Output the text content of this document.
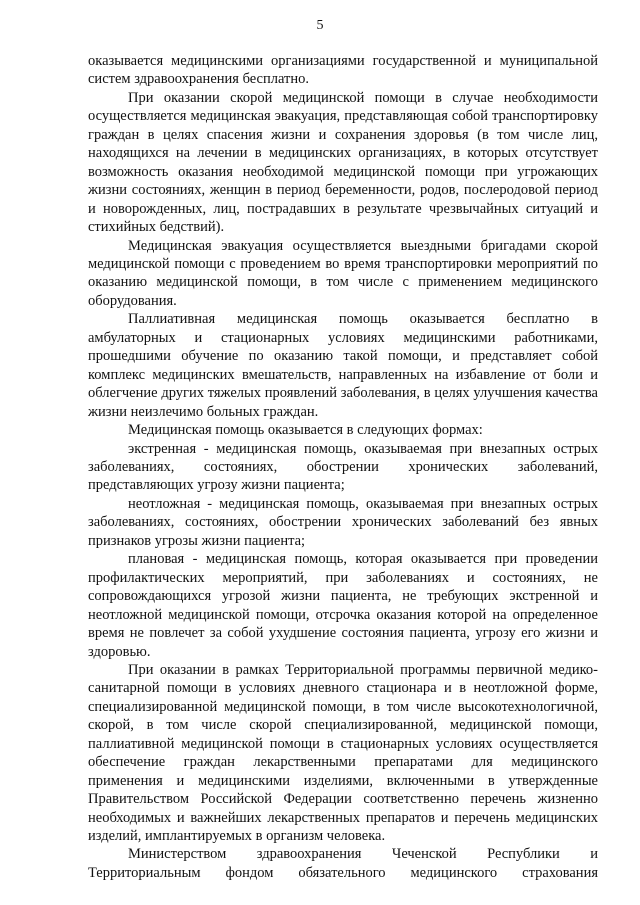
5

оказывается медицинскими организациями государственной и муниципальной систем здравоохранения бесплатно.

При оказании скорой медицинской помощи в случае необходимости осуществляется медицинская эвакуация, представляющая собой транспортировку граждан в целях спасения жизни и сохранения здоровья (в том числе лиц, находящихся на лечении в медицинских организациях, в которых отсутствует возможность оказания необходимой медицинской помощи при угрожающих жизни состояниях, женщин в период беременности, родов, послеродовой период и новорожденных, лиц, пострадавших в результате чрезвычайных ситуаций и стихийных бедствий).

Медицинская эвакуация осуществляется выездными бригадами скорой медицинской помощи с проведением во время транспортировки мероприятий по оказанию медицинской помощи, в том числе с применением медицинского оборудования.

Паллиативная медицинская помощь оказывается бесплатно в амбулаторных и стационарных условиях медицинскими работниками, прошедшими обучение по оказанию такой помощи, и представляет собой комплекс медицинских вмешательств, направленных на избавление от боли и облегчение других тяжелых проявлений заболевания, в целях улучшения качества жизни неизлечимо больных граждан.

Медицинская помощь оказывается в следующих формах:

экстренная - медицинская помощь, оказываемая при внезапных острых заболеваниях, состояниях, обострении хронических заболеваний, представляющих угрозу жизни пациента;

неотложная - медицинская помощь, оказываемая при внезапных острых заболеваниях, состояниях, обострении хронических заболеваний без явных признаков угрозы жизни пациента;

плановая - медицинская помощь, которая оказывается при проведении профилактических мероприятий, при заболеваниях и состояниях, не сопровождающихся угрозой жизни пациента, не требующих экстренной и неотложной медицинской помощи, отсрочка оказания которой на определенное время не повлечет за собой ухудшение состояния пациента, угрозу его жизни и здоровью.

При оказании в рамках Территориальной программы первичной медико-санитарной помощи в условиях дневного стационара и в неотложной форме, специализированной медицинской помощи, в том числе высокотехнологичной, скорой, в том числе скорой специализированной, медицинской помощи, паллиативной медицинской помощи в стационарных условиях осуществляется обеспечение граждан лекарственными препаратами для медицинского применения и медицинскими изделиями, включенными в утвержденные Правительством Российской Федерации соответственно перечень жизненно необходимых и важнейших лекарственных препаратов и перечень медицинских изделий, имплантируемых в организм человека.

Министерством здравоохранения Чеченской Республики и Территориальным фондом обязательного медицинского страхования
